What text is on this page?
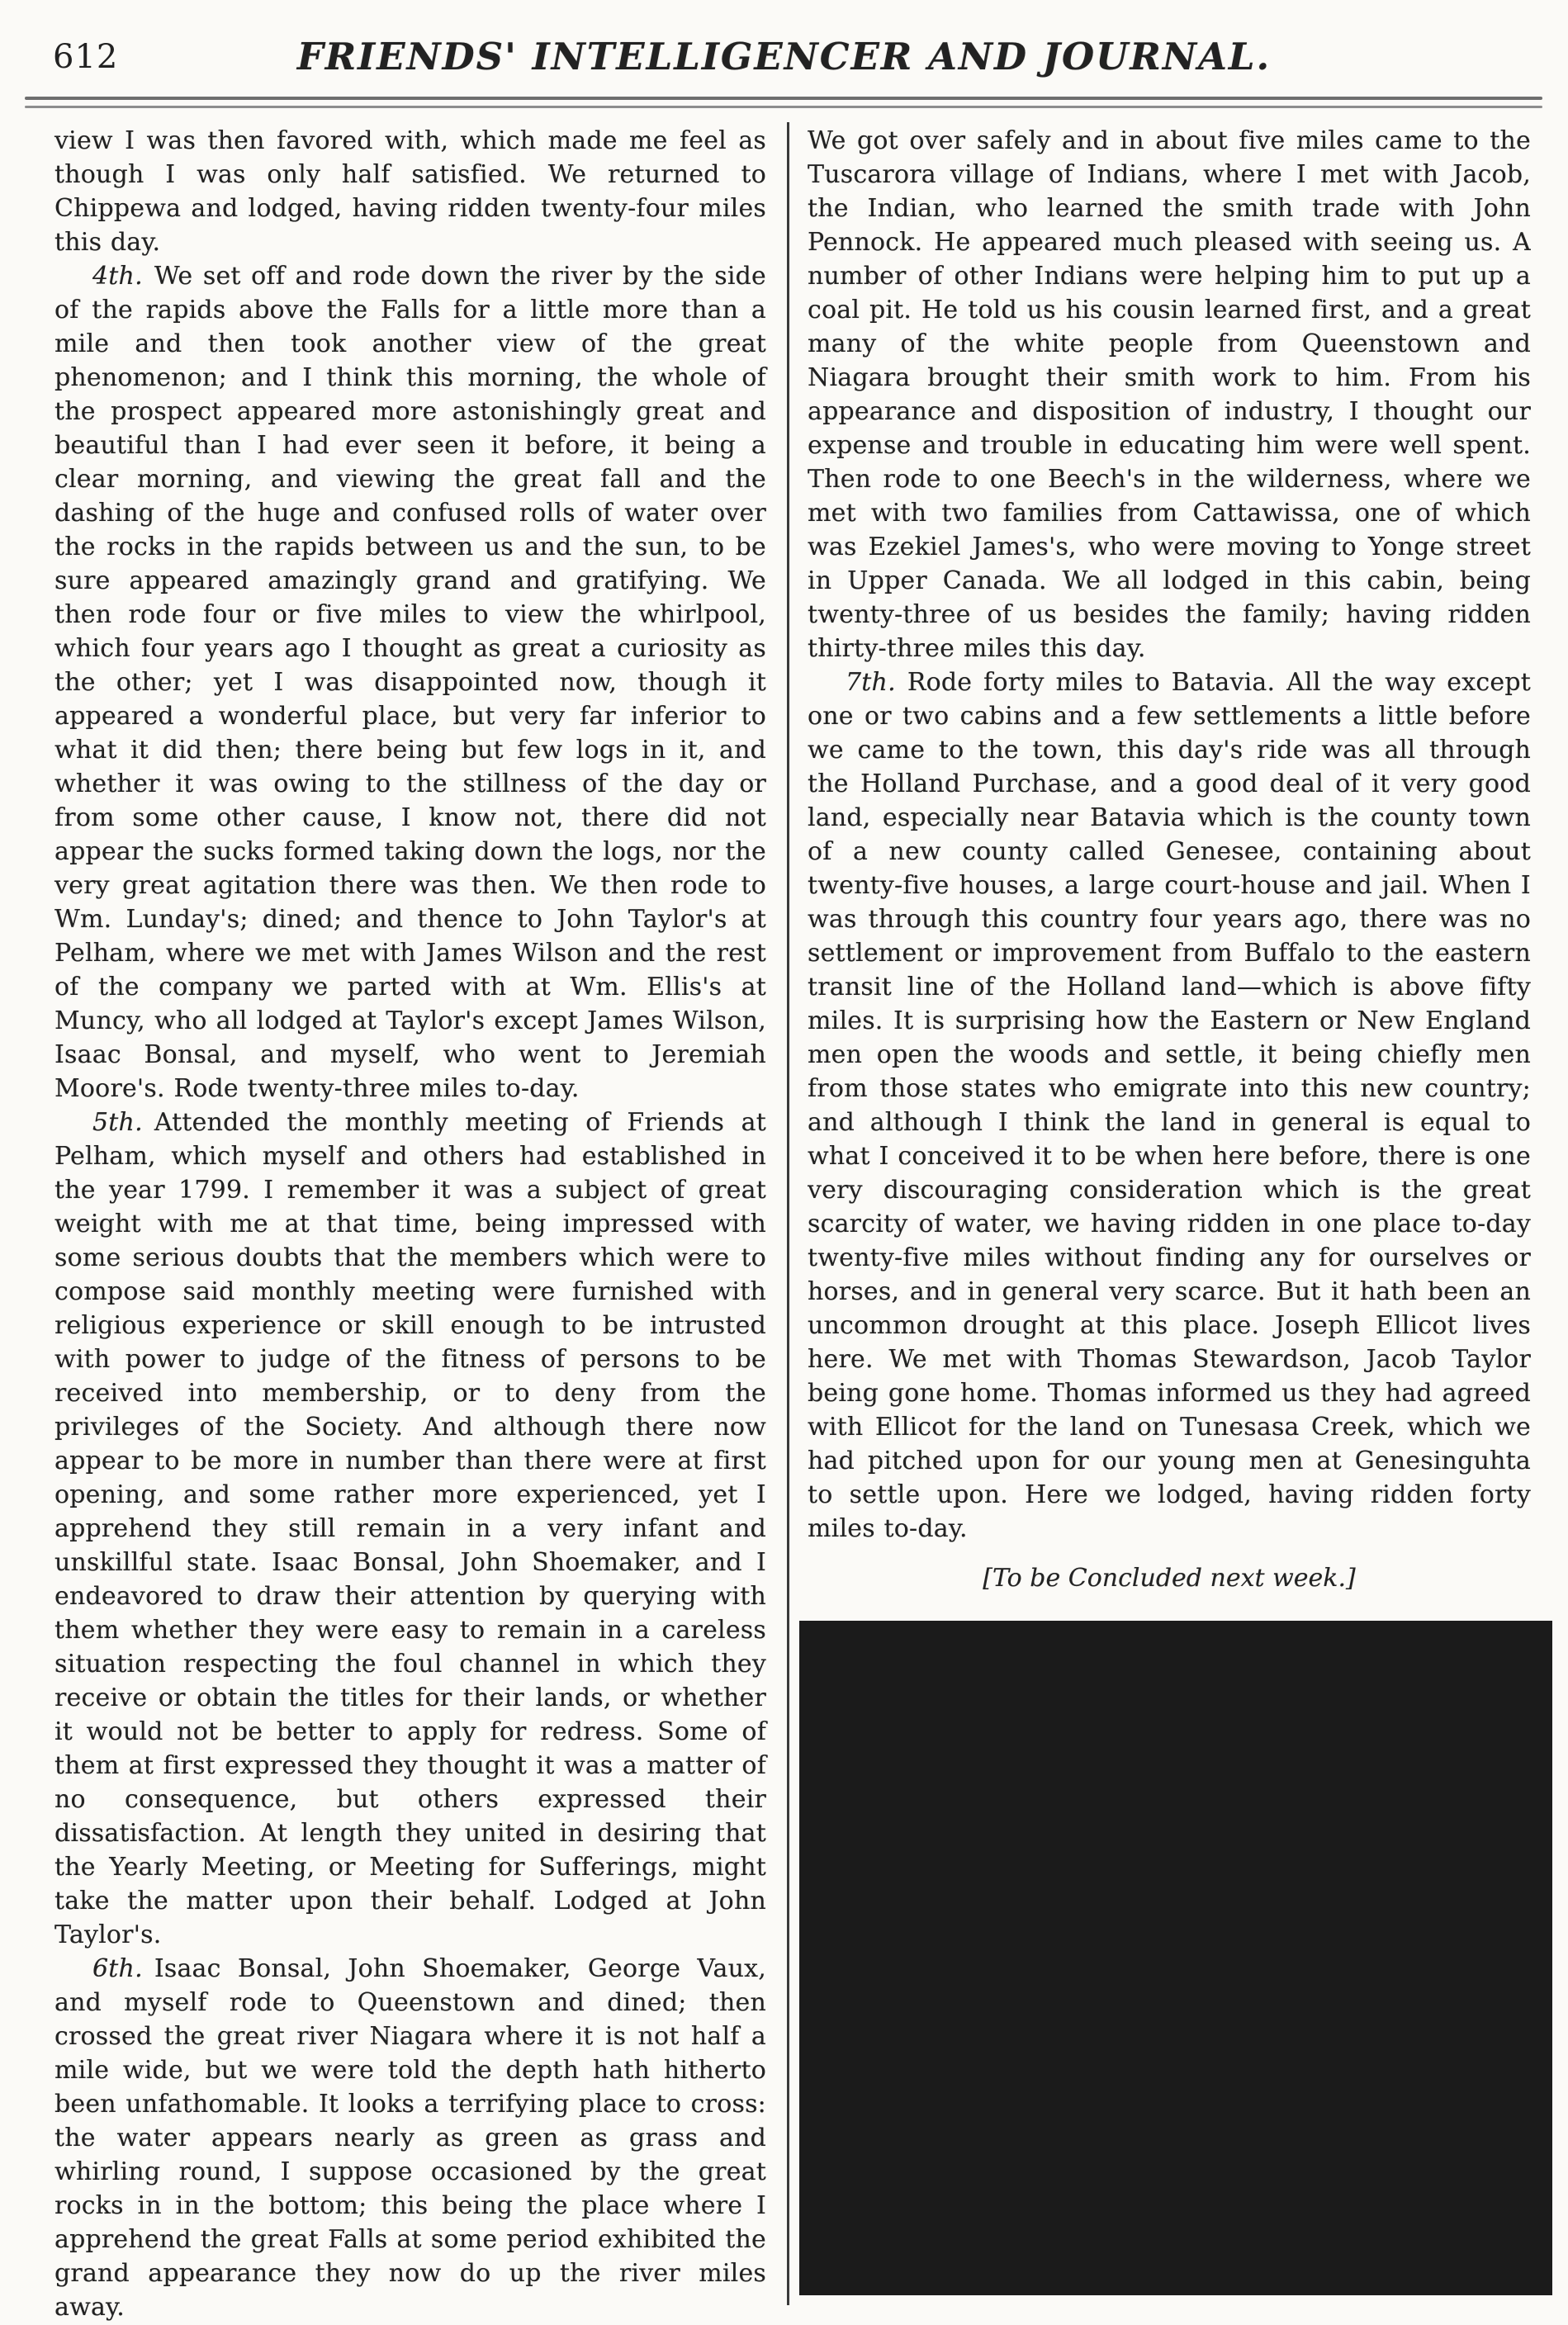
612	FRIENDS' INTELLIGENCER AND JOURNAL.

view I was then favored with, which made me feel as though I was only half satisfied. We returned to Chippewa and lodged, having ridden twenty-four miles this day.

4th. We set off and rode down the river by the side of the rapids above the Falls for a little more than a mile and then took another view of the great phenomenon; and I think this morning, the whole of the prospect appeared more astonishingly great and beautiful than I had ever seen it before, it being a clear morning, and viewing the great fall and the dashing of the huge and confused rolls of water over the rocks in the rapids between us and the sun, to be sure appeared amazingly grand and gratifying. We then rode four or five miles to view the whirlpool, which four years ago I thought as great a curiosity as the other; yet I was disappointed now, though it appeared a wonderful place, but very far inferior to what it did then; there being but few logs in it, and whether it was owing to the stillness of the day or from some other cause, I know not, there did not appear the sucks formed taking down the logs, nor the very great agitation there was then. We then rode to Wm. Lunday's; dined; and thence to John Taylor's at Pelham, where we met with James Wilson and the rest of the company we parted with at Wm. Ellis's at Muncy, who all lodged at Taylor's except James Wilson, Isaac Bonsal, and myself, who went to Jeremiah Moore's. Rode twenty-three miles to-day.

5th. Attended the monthly meeting of Friends at Pelham, which myself and others had established in the year 1799. I remember it was a subject of great weight with me at that time, being impressed with some serious doubts that the members which were to compose said monthly meeting were furnished with religious experience or skill enough to be intrusted with power to judge of the fitness of persons to be received into membership, or to deny from the privileges of the Society. And although there now appear to be more in number than there were at first opening, and some rather more experienced, yet I apprehend they still remain in a very infant and unskillful state. Isaac Bonsal, John Shoemaker, and I endeavored to draw their attention by querying with them whether they were easy to remain in a careless situation respecting the foul channel in which they receive or obtain the titles for their lands, or whether it would not be better to apply for redress. Some of them at first expressed they thought it was a matter of no consequence, but others expressed their dissatisfaction. At length they united in desiring that the Yearly Meeting, or Meeting for Sufferings, might take the matter upon their behalf. Lodged at John Taylor's.

6th. Isaac Bonsal, John Shoemaker, George Vaux, and myself rode to Queenstown and dined; then crossed the great river Niagara where it is not half a mile wide, but we were told the depth hath hitherto been unfathomable. It looks a terrifying place to cross: the water appears nearly as green as grass and whirling round, I suppose occasioned by the great rocks in in the bottom; this being the place where I apprehend the great Falls at some period exhibited the grand appearance they now do up the river miles away.

We got over safely and in about five miles came to the Tuscarora village of Indians, where I met with Jacob, the Indian, who learned the smith trade with John Pennock. He appeared much pleased with seeing us. A number of other Indians were helping him to put up a coal pit. He told us his cousin learned first, and a great many of the white people from Queenstown and Niagara brought their smith work to him. From his appearance and disposition of industry, I thought our expense and trouble in educating him were well spent. Then rode to one Beech's in the wilderness, where we met with two families from Cattawissa, one of which was Ezekiel James's, who were moving to Yonge street in Upper Canada. We all lodged in this cabin, being twenty-three of us besides the family; having ridden thirty-three miles this day.

7th. Rode forty miles to Batavia. All the way except one or two cabins and a few settlements a little before we came to the town, this day's ride was all through the Holland Purchase, and a good deal of it very good land, especially near Batavia which is the county town of a new county called Genesee, containing about twenty-five houses, a large court-house and jail. When I was through this country four years ago, there was no settlement or improvement from Buffalo to the eastern transit line of the Holland land—which is above fifty miles. It is surprising how the Eastern or New England men open the woods and settle, it being chiefly men from those states who emigrate into this new country; and although I think the land in general is equal to what I conceived it to be when here before, there is one very discouraging consideration which is the great scarcity of water, we having ridden in one place to-day twenty-five miles without finding any for ourselves or horses, and in general very scarce. But it hath been an uncommon drought at this place. Joseph Ellicot lives here. We met with Thomas Stewardson, Jacob Taylor being gone home. Thomas informed us they had agreed with Ellicot for the land on Tunesasa Creek, which we had pitched upon for our young men at Genesinguhta to settle upon. Here we lodged, having ridden forty miles to-day.

[To be Concluded next week.]
